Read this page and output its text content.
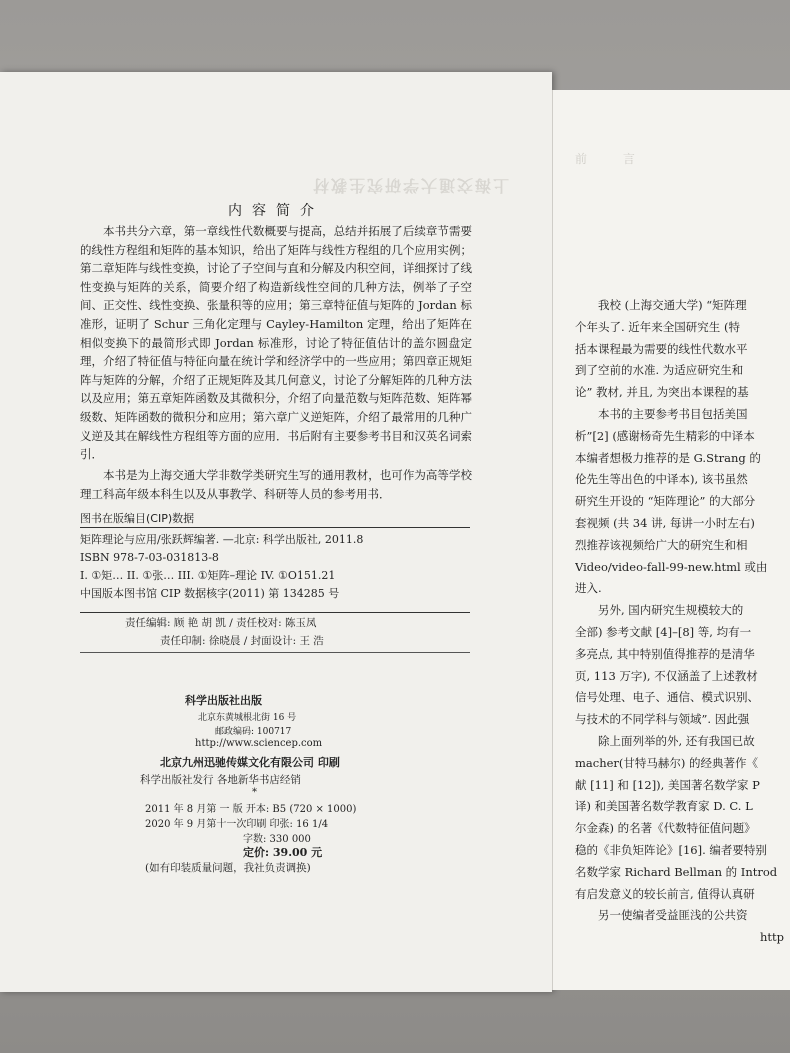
上海交通大学研究生教材
内容简介

本书共分六章，第一章线性代数概要与提高，总结并拓展了后续章节需要的线性方程组和矩阵的基本知识，给出了矩阵与线性方程组的几个应用实例；第二章矩阵与线性变换，讨论了子空间与直和分解及内积空间，详细探讨了线性变换与矩阵的关系，简要介绍了构造新线性空间的几种方法，例举了子空间、正交性、线性变换、张量积等的应用；第三章特征值与矩阵的 Jordan 标准形，证明了 Schur 三角化定理与 Cayley-Hamilton 定理，给出了矩阵在相似变换下的最简形式即 Jordan 标准形，讨论了特征值估计的盖尔圆盘定理，介绍了特征值与特征向量在统计学和经济学中的一些应用；第四章正规矩阵与矩阵的分解，介绍了正规矩阵及其几何意义，讨论了分解矩阵的几种方法以及应用；第五章矩阵函数及其微积分，介绍了向量范数与矩阵范数、矩阵幂级数、矩阵函数的微积分和应用；第六章广义逆矩阵，介绍了最常用的几种广义逆及其在解线性方程组等方面的应用．书后附有主要参考书目和汉英名词索引．

本书是为上海交通大学非数学类研究生写的通用教材，也可作为高等学校理工科高年级本科生以及从事教学、科研等人员的参考用书．

图书在版编目(CIP)数据
矩阵理论与应用/张跃辉编著. —北京: 科学出版社, 2011.8
ISBN 978-7-03-031813-8
I. ①矩… II. ①张… III. ①矩阵–理论 IV. ①O151.21
中国版本图书馆 CIP 数据核字(2011) 第 134285 号
责任编辑: 顾 艳 胡 凯 / 责任校对: 陈玉凤
责任印制: 徐晓晨 / 封面设计: 王 浩
科学出版社出版
北京东黄城根北街 16 号
邮政编码: 100717
http://www.sciencep.com
北京九州迅驰传媒文化有限公司 印刷
科学出版社发行 各地新华书店经销
*
2011 年 8 月第 一 版 开本: B5 (720 × 1000)
2020 年 9 月第十一次印刷 印张: 16 1/4
字数: 330 000
定价: 39.00 元
(如有印装质量问题，我社负责调换)
前 言
我校 (上海交通大学) “矩阵理
个年头了. 近年来全国研究生 (特
括本课程最为需要的线性代数水平
到了空前的水准. 为适应研究生和
论” 教材, 并且, 为突出本课程的基
本书的主要参考书目包括美国
析”[2] (感谢杨奇先生精彩的中译本
本编者想极力推荐的是 G.Strang 的
伦先生等出色的中译本), 该书虽然
研究生开设的 “矩阵理论” 的大部分
套视频 (共 34 讲, 每讲一小时左右)
烈推荐该视频给广大的研究生和相
Video/video-fall-99-new.html 或由
进入.
另外, 国内研究生规模较大的
全部) 参考文献 [4]–[8] 等, 均有一
多亮点, 其中特别值得推荐的是清华
页, 113 万字), 不仅涵盖了上述教材
信号处理、电子、通信、模式识别、
与技术的不同学科与领域”. 因此强
除上面列举的外, 还有我国已故
macher(甘特马赫尔) 的经典著作《
献 [11] 和 [12]), 美国著名数学家 P
译) 和美国著名数学教育家 D. C. L
尔金森) 的名著《代数特征值问题》
稳的《非负矩阵论》[16]. 编者要特别
名数学家 Richard Bellman 的 Introd
有启发意义的较长前言, 值得认真研
另一使编者受益匪浅的公共资
http
